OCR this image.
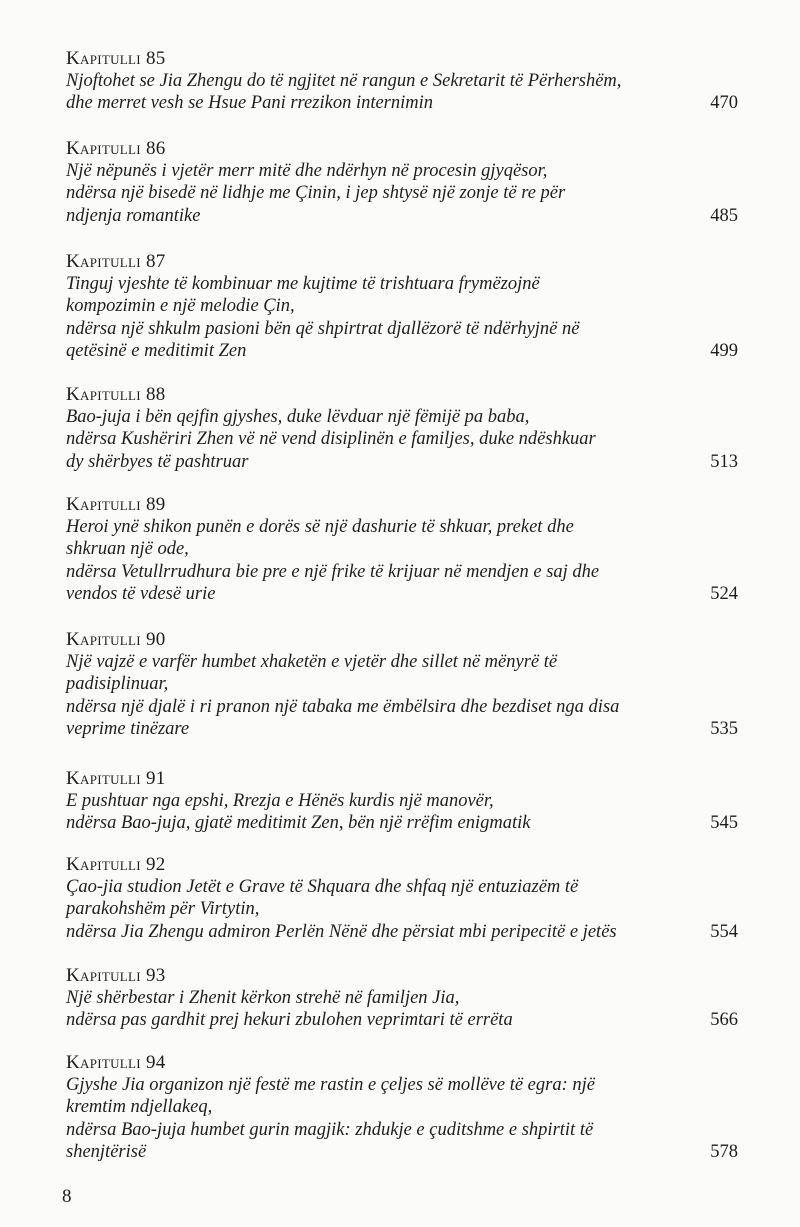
Kapitulli 85
Njoftohet se Jia Zhengu do të ngjitet në rangun e Sekretarit të Përhershëm,
dhe merret vesh se Hsue Pani rrezikon internimin	470
Kapitulli 86
Një nëpunës i vjetër merr mitë dhe ndërhyn në procesin gjyqësor,
ndërsa një bisedë në lidhje me Çinin, i jep shtysë një zonje të re për
ndjenja romantike	485
Kapitulli 87
Tinguj vjeshte të kombinuar me kujtime të trishtuara frymëzojnë
kompozimin e një melodie Çin,
ndërsa një shkulm pasioni bën që shpirtrat djallëzorë të ndërhyjnë në
qetësinë e meditimit Zen	499
Kapitulli 88
Bao-juja i bën qejfin gjyshes, duke lëvduar një fëmijë pa baba,
ndërsa Kushëriri Zhen vë në vend disiplinën e familjes, duke ndëshkuar
dy shërbyes të pashtruar	513
Kapitulli 89
Heroi ynë shikon punën e dorës së një dashurie të shkuar, preket dhe
shkruan një ode,
ndërsa Vetullrrudhura bie pre e një frike të krijuar në mendjen e saj dhe
vendos të vdesë urie	524
Kapitulli 90
Një vajzë e varfër humbet xhaketën e vjetër dhe sillet në mënyrë të
padisiplinuar,
ndërsa një djalë i ri pranon një tabaka me ëmbëlsira dhe bezdiset nga disa
veprime tinëzare	535
Kapitulli 91
E pushtuar nga epshi, Rrezja e Hënës kurdis një manovër,
ndërsa Bao-juja, gjatë meditimit Zen, bën një rrëfim enigmatik	545
Kapitulli 92
Çao-jia studion Jetët e Grave të Shquara dhe shfaq një entuziazëm të
parakohshëm për Virtytin,
ndërsa Jia Zhengu admiron Perlën Nënë dhe përsiat mbi peripecitë e jetës	554
Kapitulli 93
Një shërbestar i Zhenit kërkon strehë në familjen Jia,
ndërsa pas gardhit prej hekuri zbulohen veprimtari të errëta	566
Kapitulli 94
Gjyshe Jia organizon një festë me rastin e çeljes së mollëve të egra: një
kremtim ndjellakeq,
ndërsa Bao-juja humbet gurin magjik: zhdukje e çuditshme e shpirtit të
shenjtërisë	578
8
